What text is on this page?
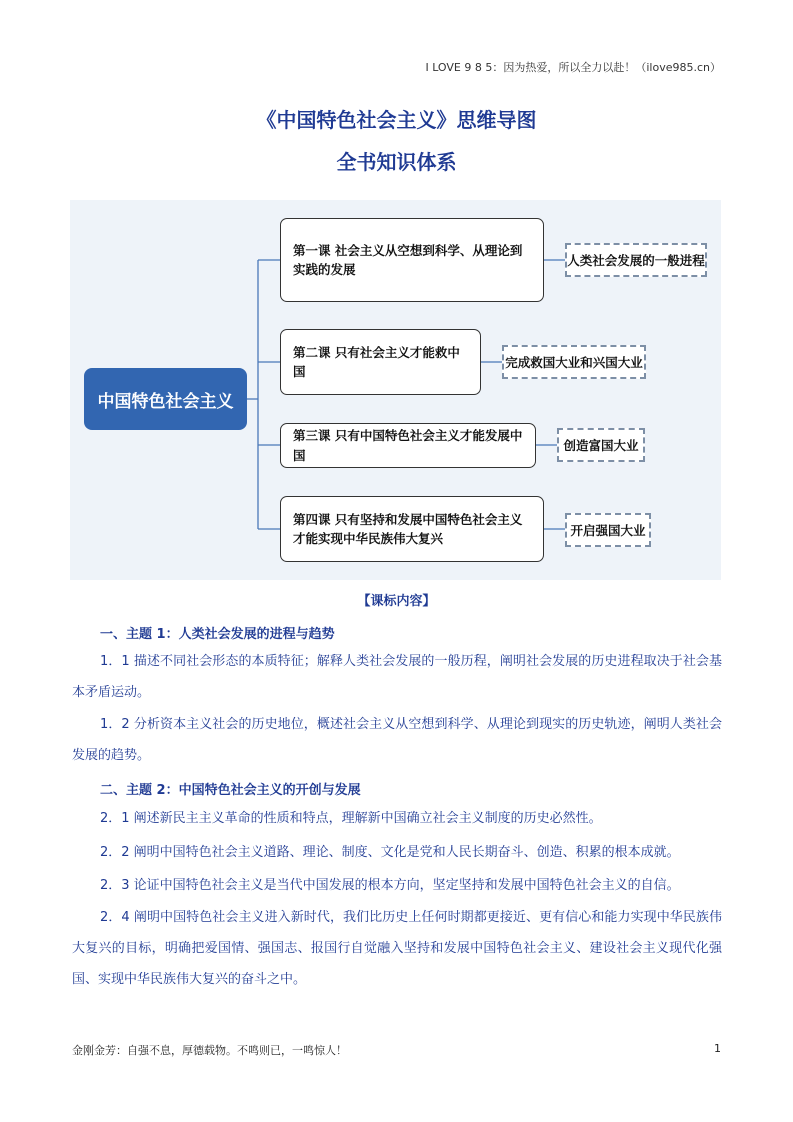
I LOVE 9 8 5：因为热爱，所以全力以赴！（ilove985.cn）
《中国特色社会主义》思维导图
全书知识体系
中国特色社会主义
第一课 社会主义从空想到科学、从理论到实践的发展
人类社会发展的一般进程
第二课 只有社会主义才能救中国
完成救国大业和兴国大业
第三课 只有中国特色社会主义才能发展中国
创造富国大业
第四课 只有坚持和发展中国特色社会主义才能实现中华民族伟大复兴
开启强国大业
【课标内容】
一、主题 1：人类社会发展的进程与趋势
1．1 描述不同社会形态的本质特征；解释人类社会发展的一般历程，阐明社会发展的历史进程取决于社会基本矛盾运动。
1．2 分析资本主义社会的历史地位，概述社会主义从空想到科学、从理论到现实的历史轨迹，阐明人类社会发展的趋势。
二、主题 2：中国特色社会主义的开创与发展
2．1 阐述新民主主义革命的性质和特点，理解新中国确立社会主义制度的历史必然性。
2．2 阐明中国特色社会主义道路、理论、制度、文化是党和人民长期奋斗、创造、积累的根本成就。
2．3 论证中国特色社会主义是当代中国发展的根本方向，坚定坚持和发展中国特色社会主义的自信。
2．4 阐明中国特色社会主义进入新时代，我们比历史上任何时期都更接近、更有信心和能力实现中华民族伟大复兴的目标，明确把爱国情、强国志、报国行自觉融入坚持和发展中国特色社会主义、建设社会主义现代化强国、实现中华民族伟大复兴的奋斗之中。
金刚金芳：自强不息，厚德载物。不鸣则已，一鸣惊人！	1
